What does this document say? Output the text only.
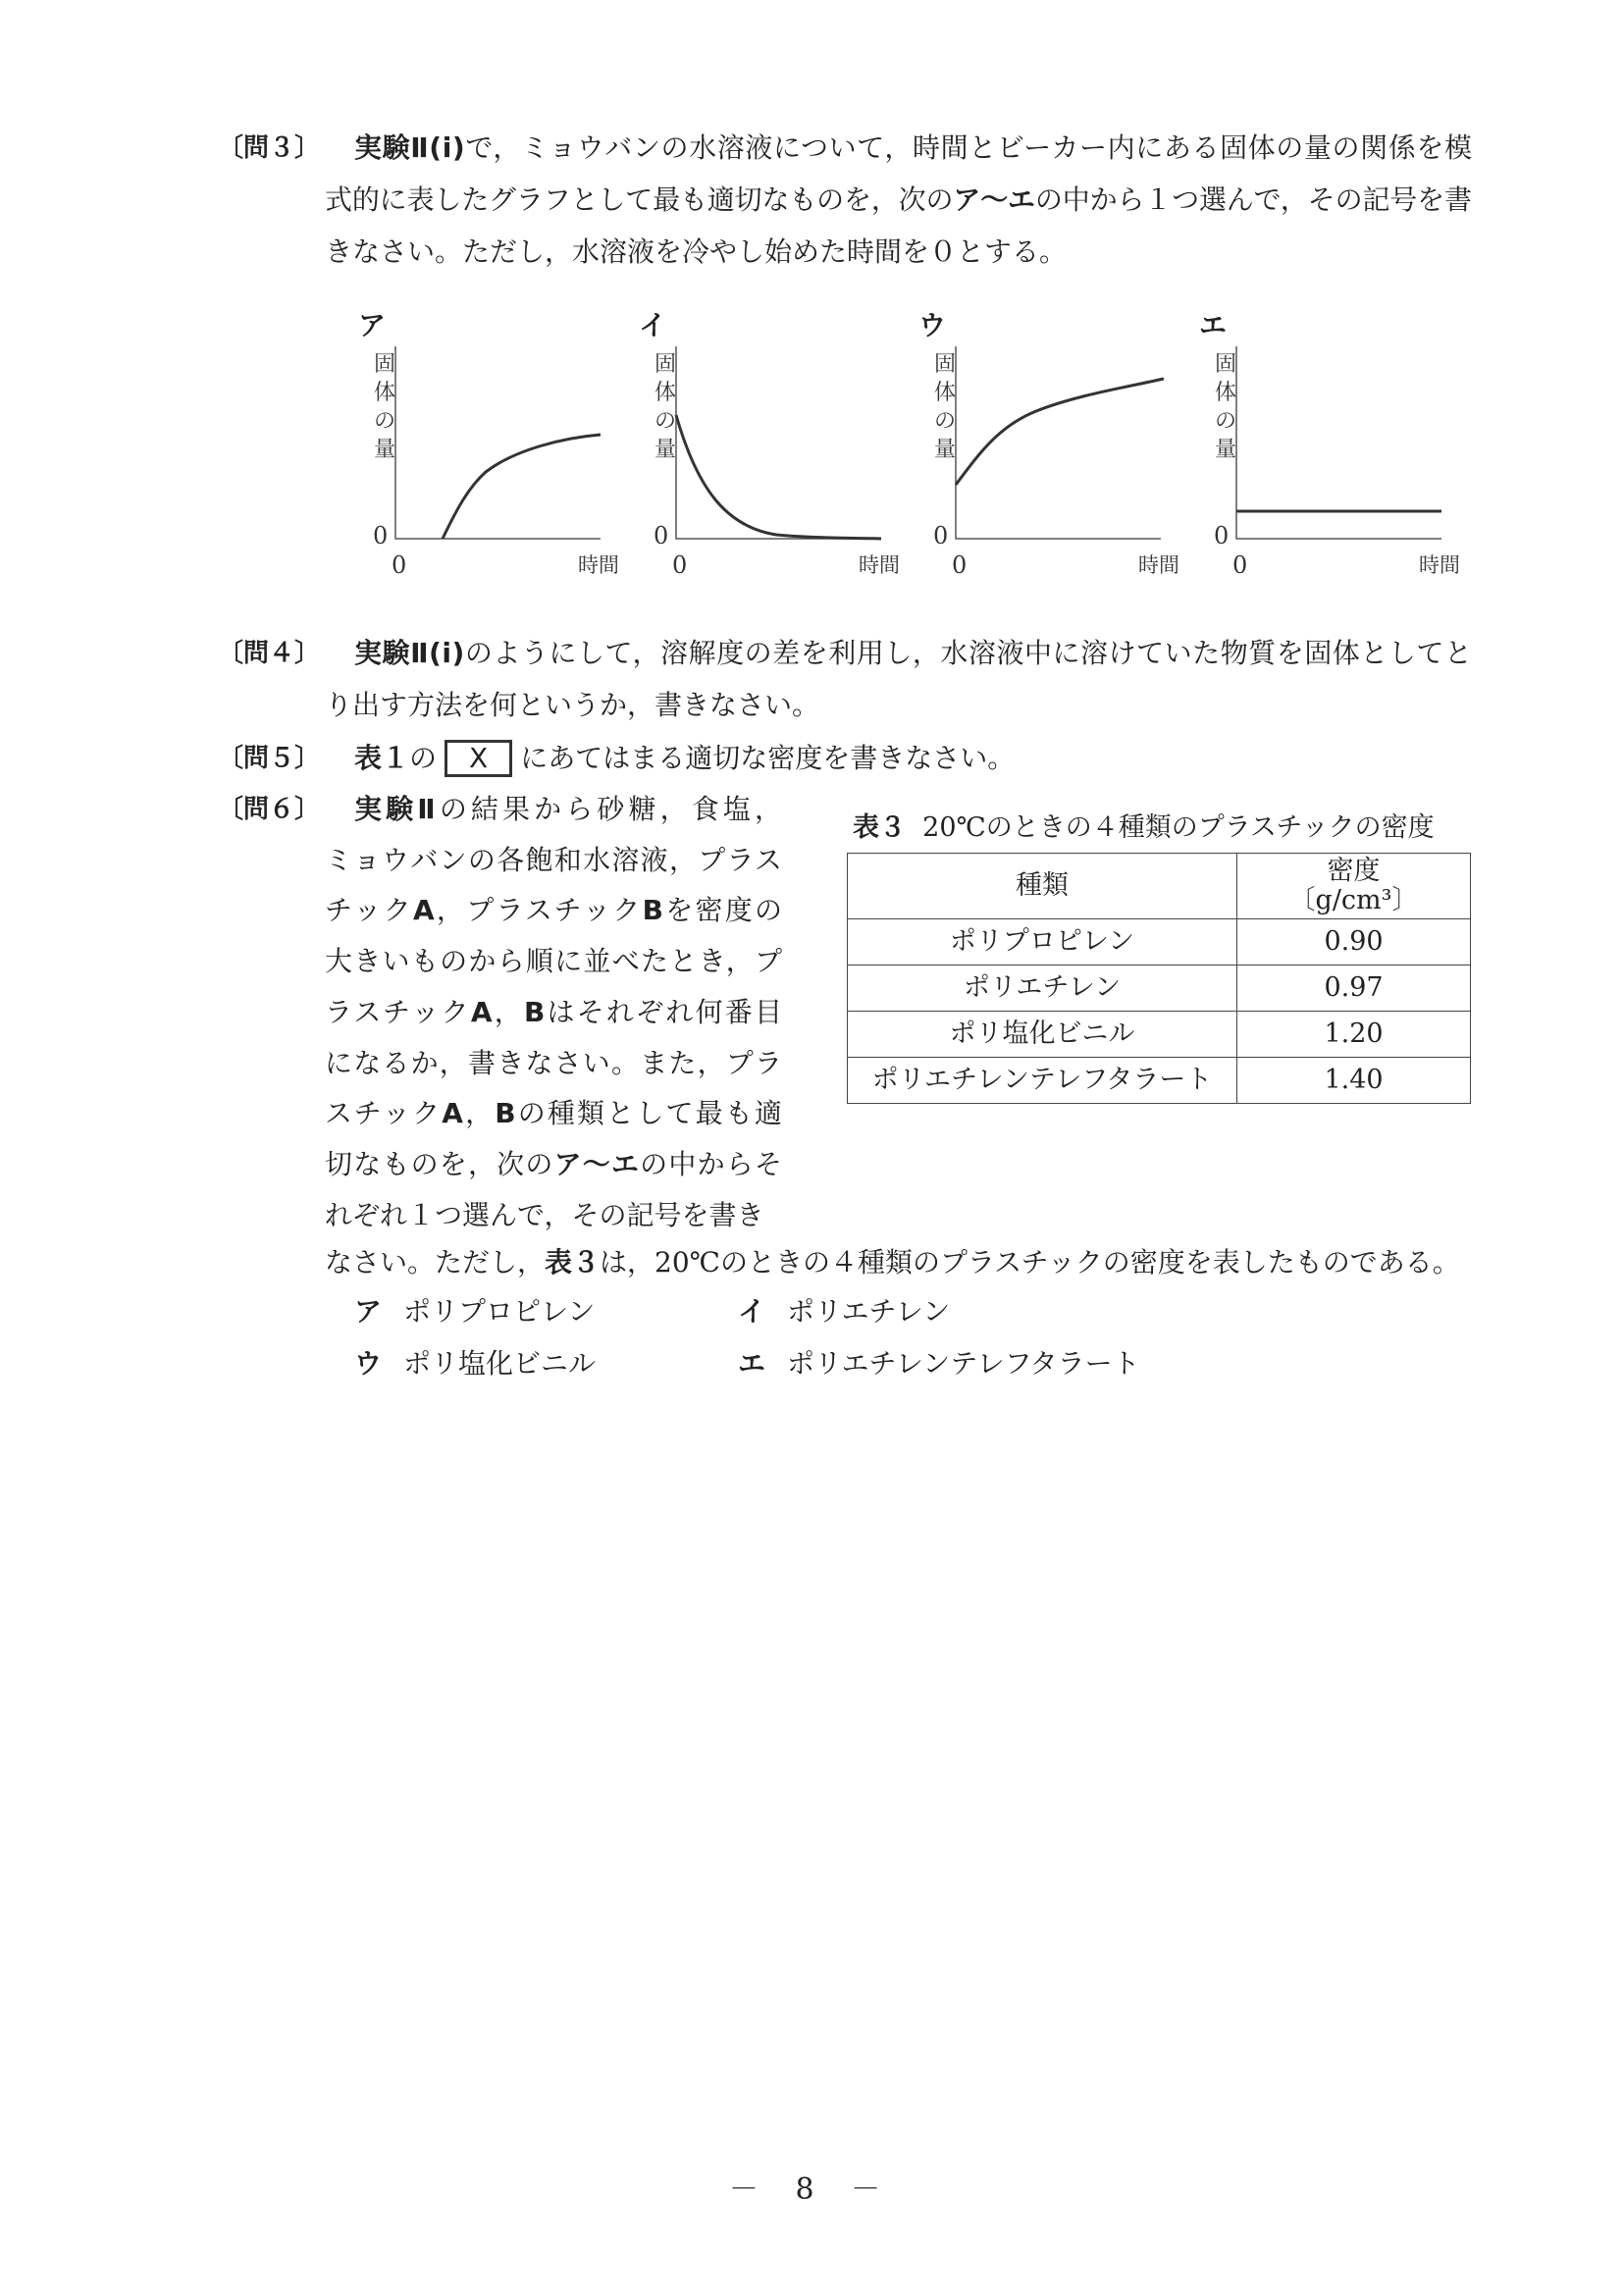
〔問３〕 実験Ⅱ(ⅰ)で，ミョウバンの水溶液について，時間とビーカー内にある固体の量の関係を模
式的に表したグラフとして最も適切なものを，次のア〜エの中から１つ選んで，その記号を書
きなさい。ただし，水溶液を冷やし始めた時間を０とする。
ア
固体の量
0
0	時間
イ
固体の量
0
0	時間
ウ
固体の量
0
0	時間
エ
固体の量
0
0	時間
〔問４〕 実験Ⅱ(ⅰ)のようにして，溶解度の差を利用し，水溶液中に溶けていた物質を固体としてと
り出す方法を何というか，書きなさい。
〔問５〕 表１の X にあてはまる適切な密度を書きなさい。
〔問６〕 実験Ⅱの結果から砂糖，食塩，
ミョウバンの各飽和水溶液，プラス
チックA，プラスチックBを密度の
大きいものから順に並べたとき，プ
ラスチックA，Bはそれぞれ何番目
になるか，書きなさい。また，プラ
スチックA，Bの種類として最も適
切なものを，次のア〜エの中からそ
れぞれ１つ選んで，その記号を書き
なさい。ただし，表３は，20℃のときの４種類のプラスチックの密度を表したものである。
ア ポリプロピレン	イ ポリエチレン
ウ ポリ塩化ビニル	エ ポリエチレンテレフタラート
表３ 20℃のときの４種類のプラスチックの密度
種類	密度
〔g/cm³〕
ポリプロピレン	0.90
ポリエチレン	0.97
ポリ塩化ビニル	1.20
ポリエチレンテレフタラート	1.40
－ 8 －
